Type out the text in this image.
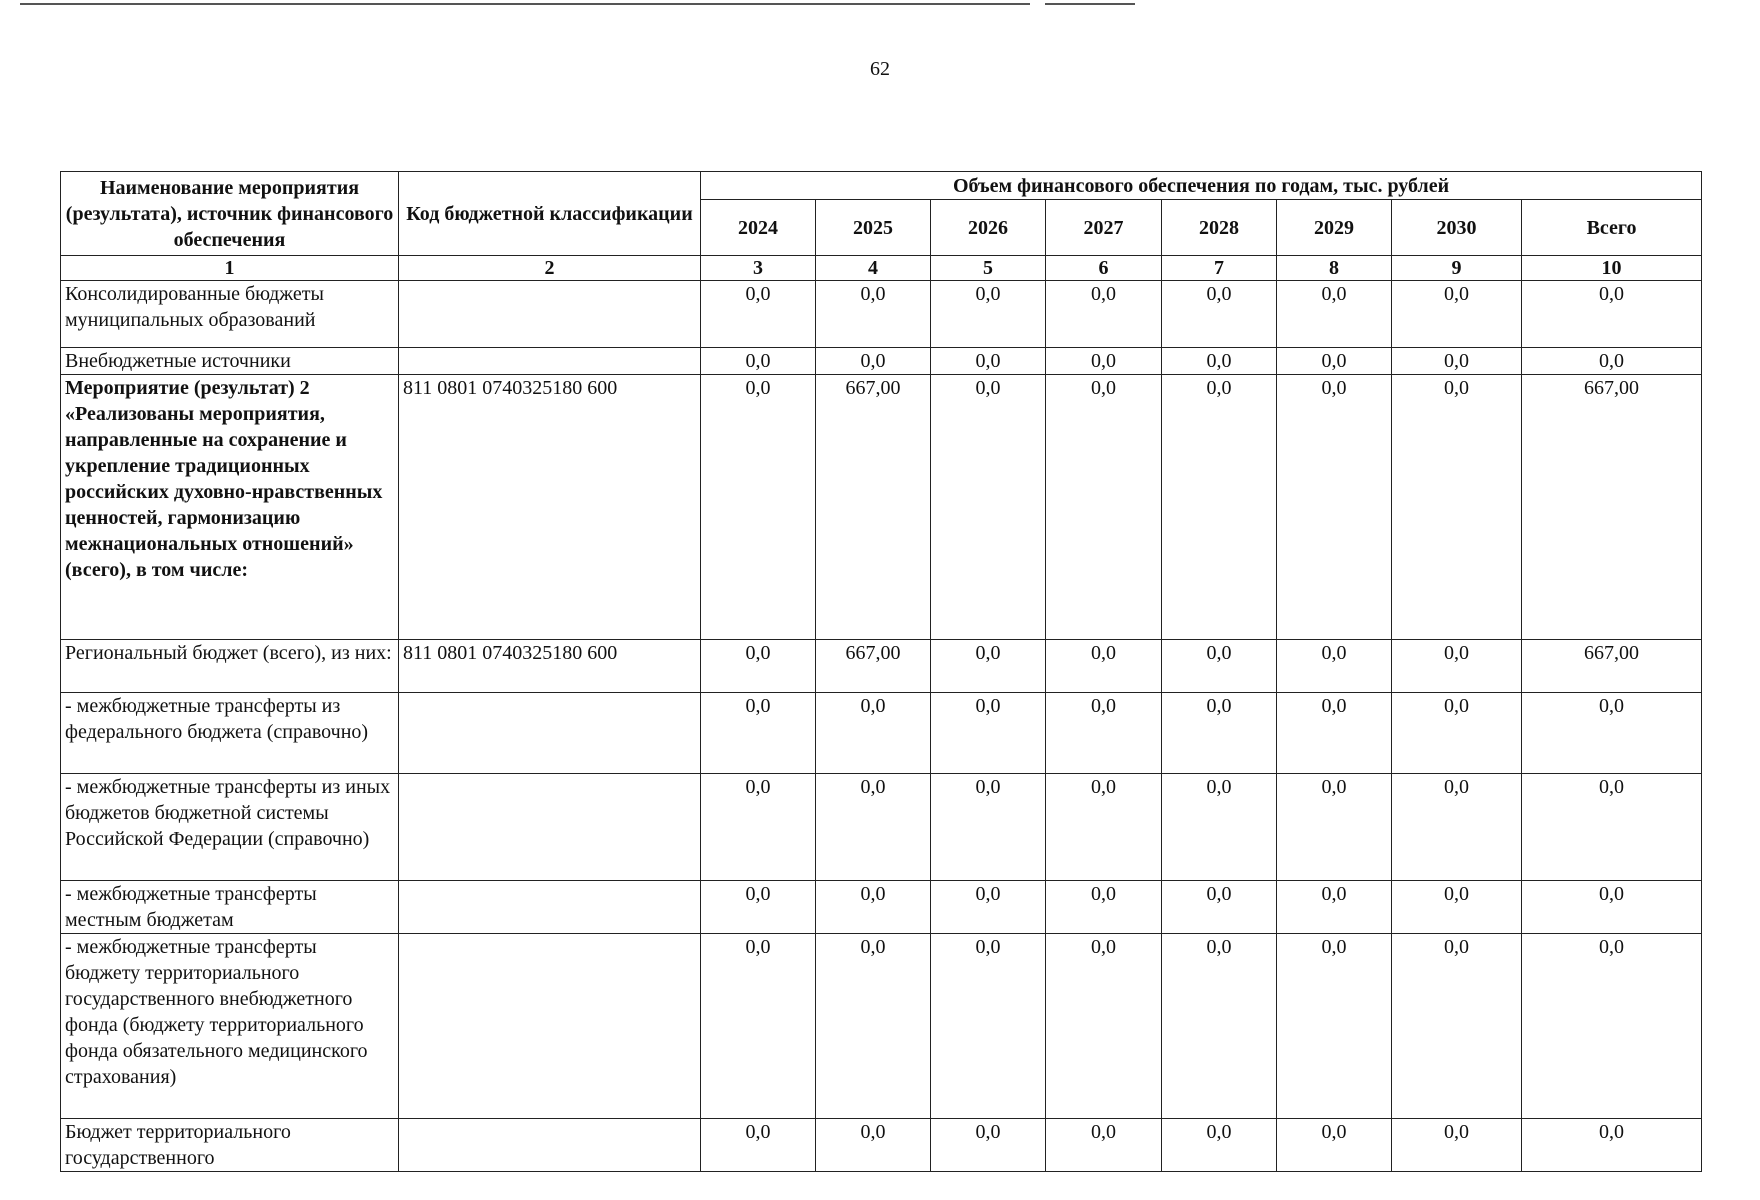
62
Наименование мероприятия (результата), источник финансового обеспечения	Код бюджетной классификации	Объем финансового обеспечения по годам, тыс. рублей							
		2024	2025	2026	2027	2028	2029	2030	Всего
1	2	3	4	5	6	7	8	9	10
Консолидированные бюджеты муниципальных образований		0,0	0,0	0,0	0,0	0,0	0,0	0,0	0,0
Внебюджетные источники		0,0	0,0	0,0	0,0	0,0	0,0	0,0	0,0
Мероприятие (результат) 2 «Реализованы мероприятия, направленные на сохранение и укрепление традиционных российских духовно-нравственных ценностей, гармонизацию межнациональных отношений» (всего), в том числе:	811 0801 0740325180 600	0,0	667,00	0,0	0,0	0,0	0,0	0,0	667,00
Региональный бюджет (всего), из них:	811 0801 0740325180 600	0,0	667,00	0,0	0,0	0,0	0,0	0,0	667,00
- межбюджетные трансферты из федерального бюджета (справочно)		0,0	0,0	0,0	0,0	0,0	0,0	0,0	0,0
- межбюджетные трансферты из иных бюджетов бюджетной системы Российской Федерации (справочно)		0,0	0,0	0,0	0,0	0,0	0,0	0,0	0,0
- межбюджетные трансферты местным бюджетам		0,0	0,0	0,0	0,0	0,0	0,0	0,0	0,0
- межбюджетные трансферты бюджету территориального государственного внебюджетного фонда (бюджету территориального фонда обязательного медицинского страхования)		0,0	0,0	0,0	0,0	0,0	0,0	0,0	0,0
Бюджет территориального государственного		0,0	0,0	0,0	0,0	0,0	0,0	0,0	0,0
